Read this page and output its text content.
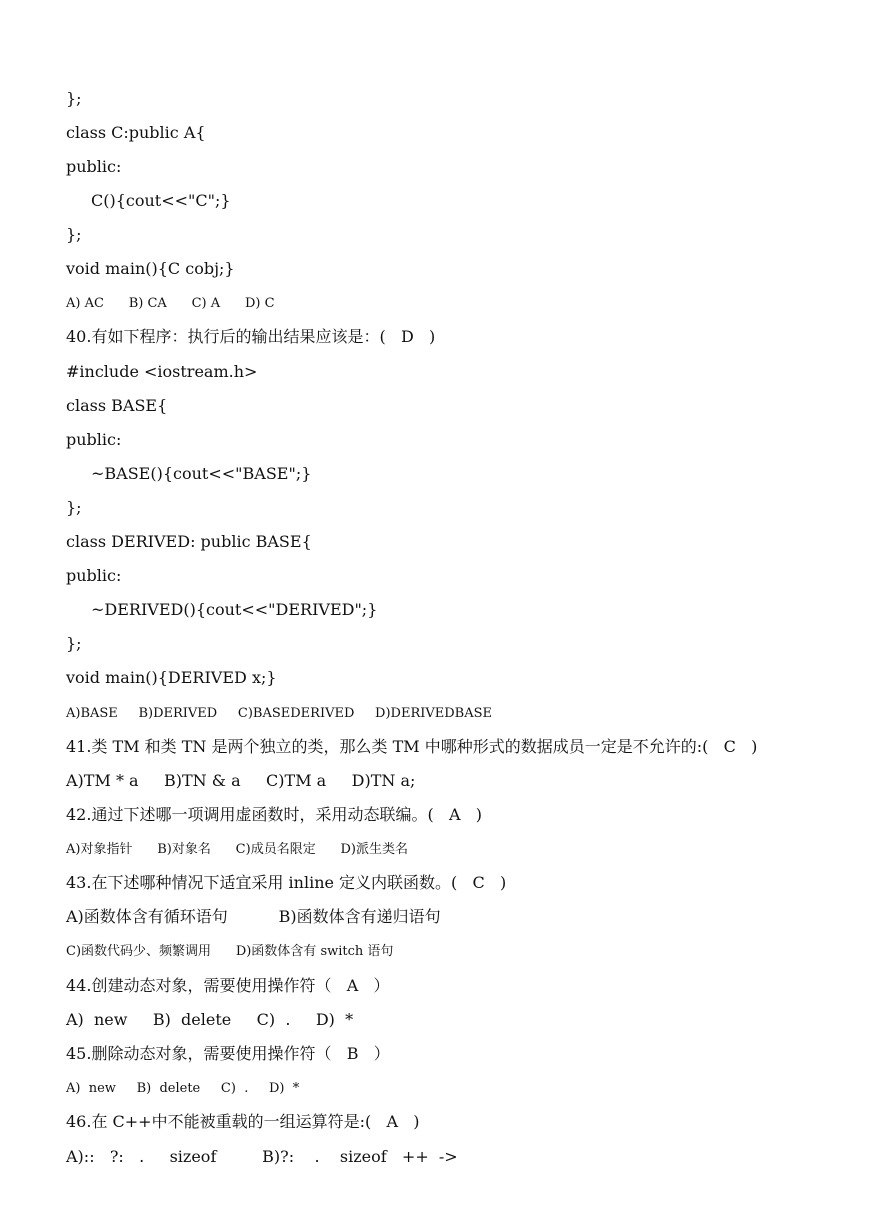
};
class C:public A{
public:
C(){cout<<"C";}
};
void main(){C cobj;}
A) AC      B) CA      C) A      D) C
40.有如下程序：执行后的输出结果应该是：(   D   )
#include <iostream.h>
class BASE{
public:
~BASE(){cout<<"BASE";}
};
class DERIVED: public BASE{
public:
~DERIVED(){cout<<"DERIVED";}
};
void main(){DERIVED x;}
A)BASE     B)DERIVED     C)BASEDERIVED     D)DERIVEDBASE
41.类 TM 和类 TN 是两个独立的类，那么类 TM 中哪种形式的数据成员一定是不允许的:(   C   )
A)TM * a     B)TN & a     C)TM a     D)TN a;
42.通过下述哪一项调用虚函数时，采用动态联编。(   A   )
A)对象指针      B)对象名      C)成员名限定      D)派生类名
43.在下述哪种情况下适宜采用 inline 定义内联函数。(   C   )
A)函数体含有循环语句          B)函数体含有递归语句
C)函数代码少、频繁调用      D)函数体含有 switch 语句
44.创建动态对象，需要使用操作符（   A   ）
A)  new     B)  delete     C)  .     D)  *
45.删除动态对象，需要使用操作符（   B   ）
A)  new     B)  delete     C)  .     D)  *
46.在 C++中不能被重载的一组运算符是:(   A   )
A)::   ?:   .     sizeof         B)?:    .    sizeof   ++  ->
